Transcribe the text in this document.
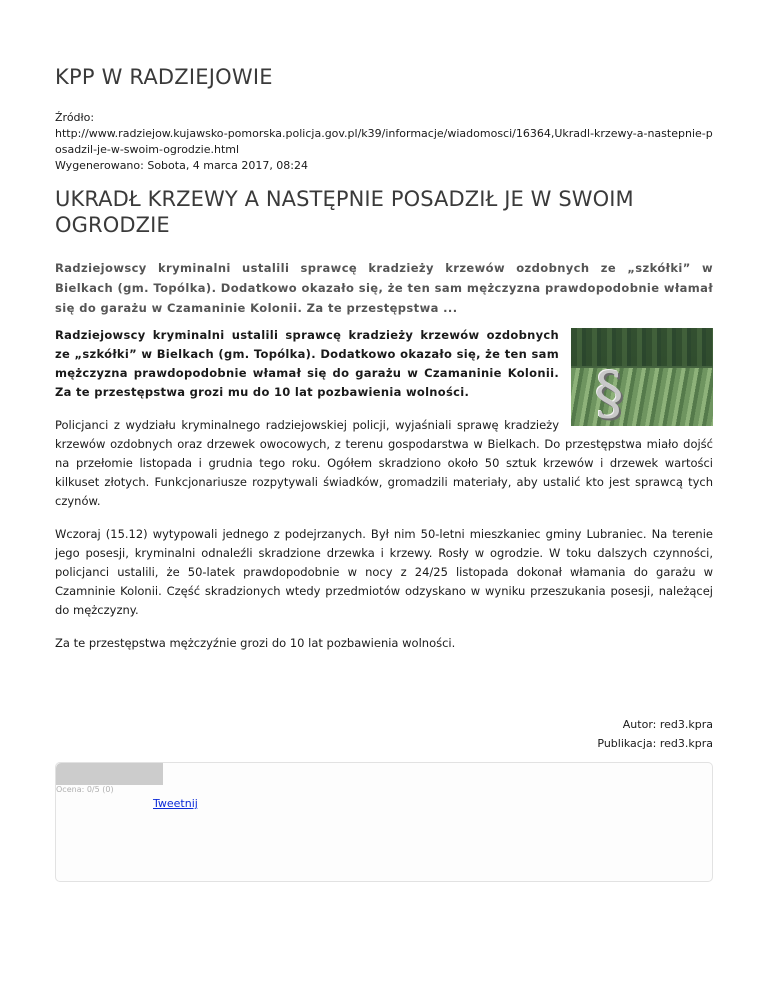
KPP W RADZIEJOWIE
Źródło:
http://www.radziejow.kujawsko-pomorska.policja.gov.pl/k39/informacje/wiadomosci/16364,Ukradl-krzewy-a-nastepnie-posadzil-je-w-swoim-ogrodzie.html
Wygenerowano: Sobota, 4 marca 2017, 08:24
UKRADŁ KRZEWY A NASTĘPNIE POSADZIŁ JE W SWOIM OGRODZIE
Radziejowscy kryminalni ustalili sprawcę kradzieży krzewów ozdobnych ze „szkółki” w Bielkach (gm. Topólka). Dodatkowo okazało się, że ten sam mężczyzna prawdopodobnie włamał się do garażu w Czamaninie Kolonii. Za te przestępstwa ...
§
Radziejowscy kryminalni ustalili sprawcę kradzieży krzewów ozdobnych ze „szkółki” w Bielkach (gm. Topólka). Dodatkowo okazało się, że ten sam mężczyzna prawdopodobnie włamał się do garażu w Czamaninie Kolonii. Za te przestępstwa grozi mu do 10 lat pozbawienia wolności.

Policjanci z wydziału kryminalnego radziejowskiej policji, wyjaśniali sprawę kradzieży krzewów ozdobnych oraz drzewek owocowych, z terenu gospodarstwa w Bielkach. Do przestępstwa miało dojść na przełomie listopada i grudnia tego roku. Ogółem skradziono około 50 sztuk krzewów i drzewek wartości kilkuset złotych. Funkcjonariusze rozpytywali świadków, gromadzili materiały, aby ustalić kto jest sprawcą tych czynów.

Wczoraj (15.12) wytypowali jednego z podejrzanych. Był nim 50-letni mieszkaniec gminy Lubraniec. Na terenie jego posesji, kryminalni odnaleźli skradzione drzewka i krzewy. Rosły w ogrodzie. W toku dalszych czynności, policjanci ustalili, że 50-latek prawdopodobnie w nocy z 24/25 listopada dokonał włamania do garażu w Czamninie Kolonii. Część skradzionych wtedy przedmiotów odzyskano w wyniku przeszukania posesji, należącej do mężczyzny.

Za te przestępstwa mężczyźnie grozi do 10 lat pozbawienia wolności.

Autor: red3.kpra
Publikacja: red3.kpra
Ocena: 0/5 (0)
Tweetnij
